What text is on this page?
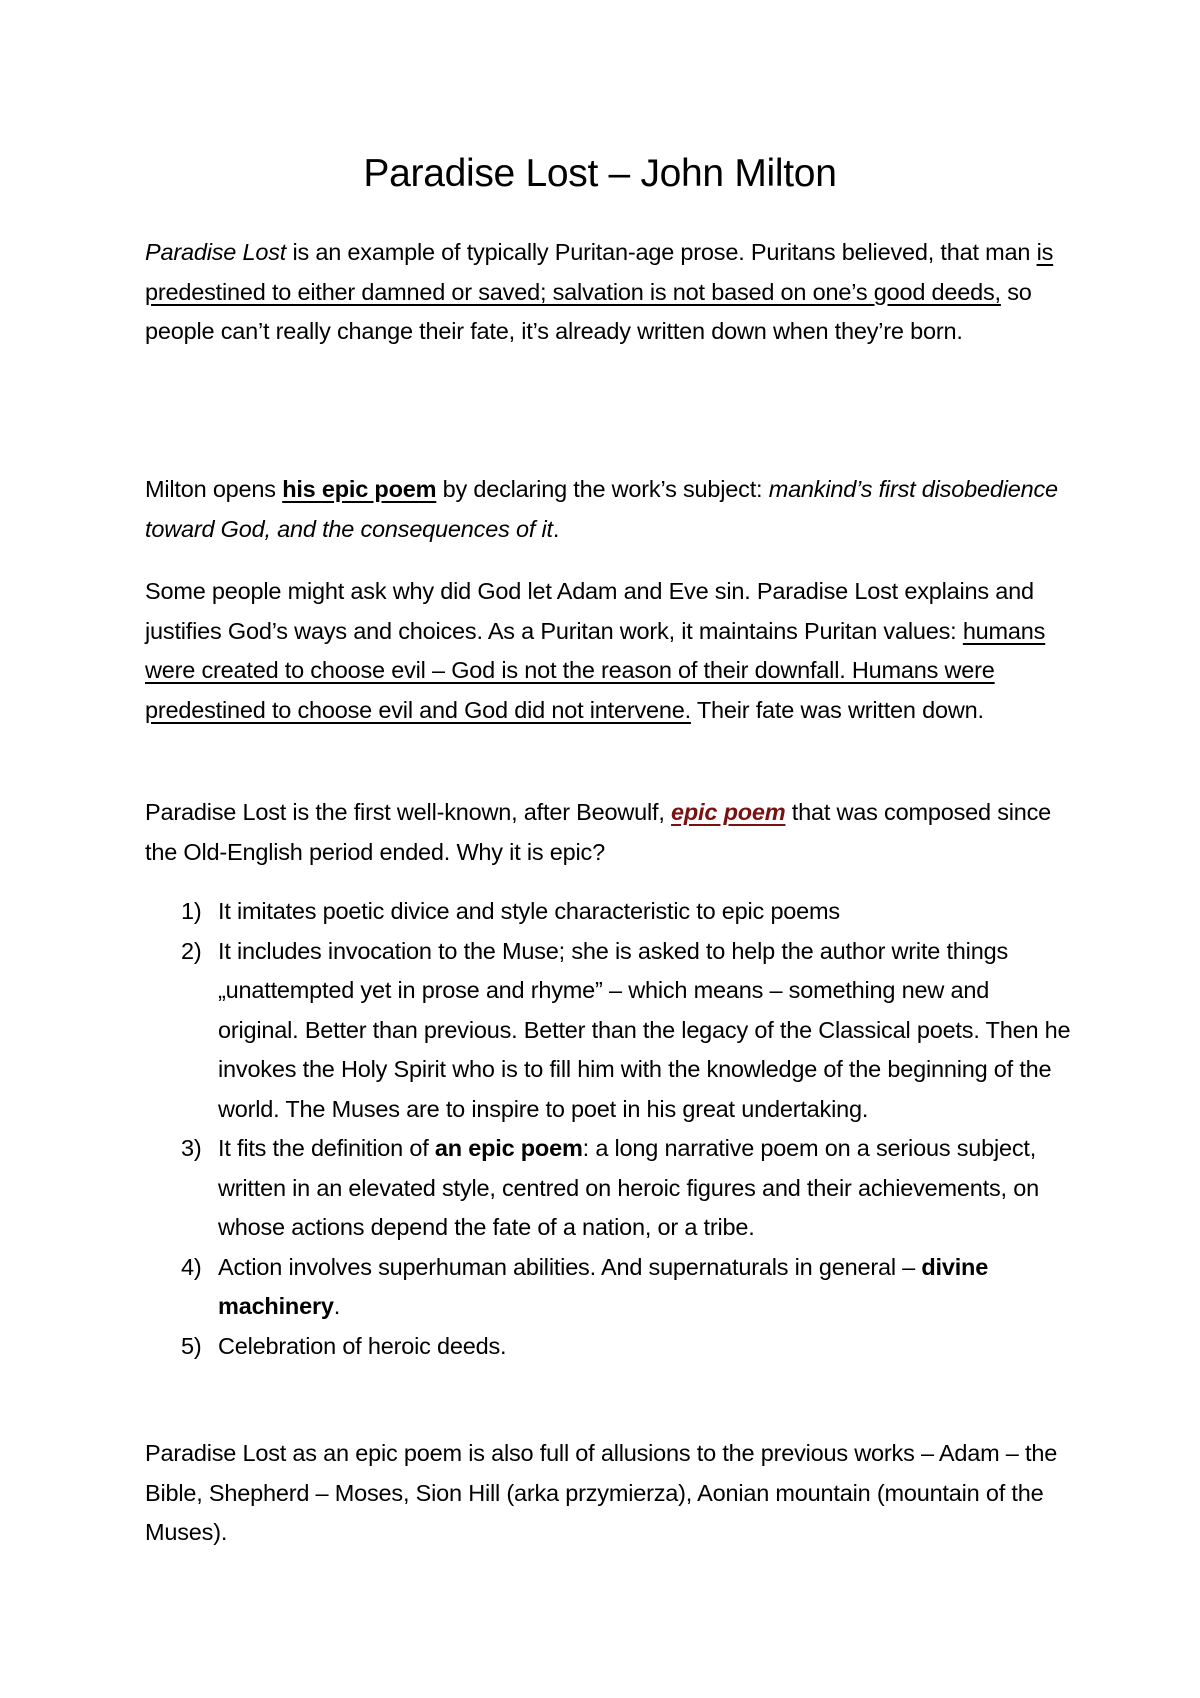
Paradise Lost – John Milton

Paradise Lost is an example of typically Puritan-age prose. Puritans believed, that man is predestined to either damned or saved; salvation is not based on one’s good deeds, so people can’t really change their fate, it’s already written down when they’re born.

Milton opens his epic poem by declaring the work’s subject: mankind’s first disobedience toward God, and the consequences of it.

Some people might ask why did God let Adam and Eve sin. Paradise Lost explains and justifies God’s ways and choices. As a Puritan work, it maintains Puritan values: humans were created to choose evil – God is not the reason of their downfall. Humans were predestined to choose evil and God did not intervene. Their fate was written down.

Paradise Lost is the first well-known, after Beowulf, epic poem that was composed since the Old-English period ended. Why it is epic?

1) It imitates poetic divice and style characteristic to epic poems
2) It includes invocation to the Muse; she is asked to help the author write things „unattempted yet in prose and rhyme” – which means – something new and original. Better than previous. Better than the legacy of the Classical poets. Then he invokes the Holy Spirit who is to fill him with the knowledge of the beginning of the world. The Muses are to inspire to poet in his great undertaking.
3) It fits the definition of an epic poem: a long narrative poem on a serious subject, written in an elevated style, centred on heroic figures and their achievements, on whose actions depend the fate of a nation, or a tribe.
4) Action involves superhuman abilities. And supernaturals in general – divine machinery.
5) Celebration of heroic deeds.

Paradise Lost as an epic poem is also full of allusions to the previous works – Adam – the Bible, Shepherd – Moses, Sion Hill (arka przymierza), Aonian mountain (mountain of the Muses).
